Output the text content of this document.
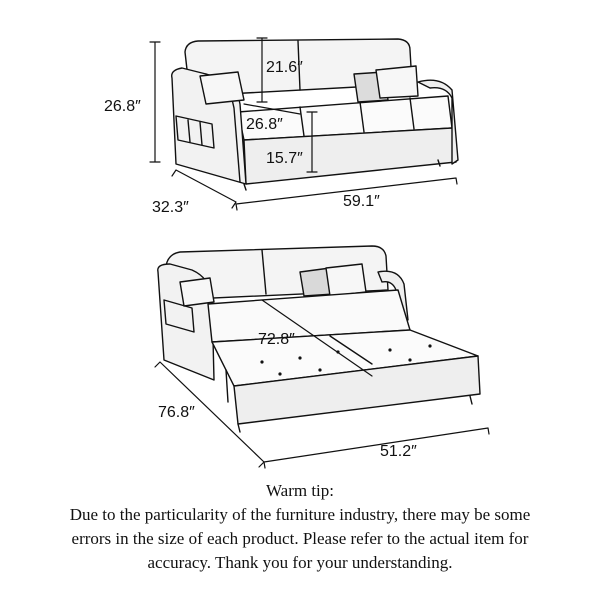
26.8″
21.6″
26.8″
15.7″
32.3″	59.1″
72.8″
76.8″
51.2″
Warm tip:
Due to the particularity of the furniture industry, there may be some
errors in the size of each product. Please refer to the actual item for
accuracy. Thank you for your understanding.
